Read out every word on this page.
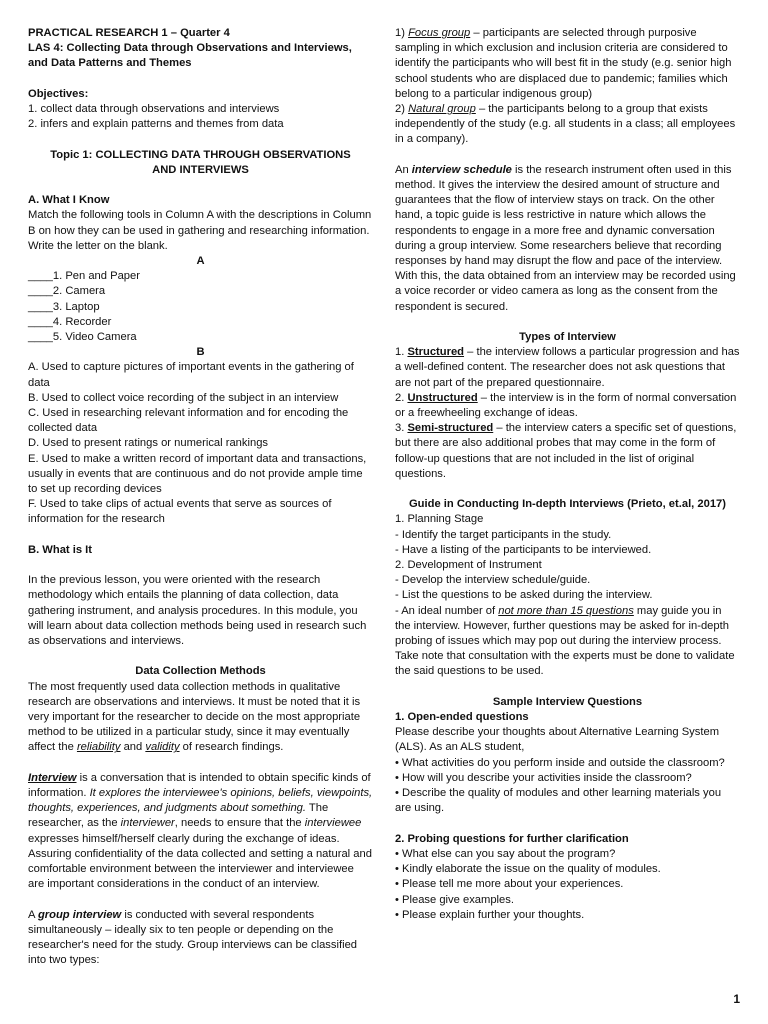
PRACTICAL RESEARCH 1 – Quarter 4

LAS 4: Collecting Data through Observations and Interviews, and Data Patterns and Themes

Objectives:

1. collect data through observations and interviews

2. infers and explain patterns and themes from data

Topic 1: COLLECTING DATA THROUGH OBSERVATIONS AND INTERVIEWS

A. What I Know

Match the following tools in Column A with the descriptions in Column B on how they can be used in gathering and researching information. Write the letter on the blank.

A

____1. Pen and Paper

____2. Camera

____3. Laptop

____4. Recorder

____5. Video Camera

B

A. Used to capture pictures of important events in the gathering of data

B. Used to collect voice recording of the subject in an interview

C. Used in researching relevant information and for encoding the collected data

D. Used to present ratings or numerical rankings

E. Used to make a written record of important data and transactions, usually in events that are continuous and do not provide ample time to set up recording devices

F. Used to take clips of actual events that serve as sources of information for the research

B. What is It

In the previous lesson, you were oriented with the research methodology which entails the planning of data collection, data gathering instrument, and analysis procedures. In this module, you will learn about data collection methods being used in research such as observations and interviews.

Data Collection Methods

The most frequently used data collection methods in qualitative research are observations and interviews. It must be noted that it is very important for the researcher to decide on the most appropriate method to be utilized in a particular study, since it may eventually affect the reliability and validity of research findings.

Interview is a conversation that is intended to obtain specific kinds of information. It explores the interviewee's opinions, beliefs, viewpoints, thoughts, experiences, and judgments about something. The researcher, as the interviewer, needs to ensure that the interviewee expresses himself/herself clearly during the exchange of ideas. Assuring confidentiality of the data collected and setting a natural and comfortable environment between the interviewer and interviewee are important considerations in the conduct of an interview.

A group interview is conducted with several respondents simultaneously – ideally six to ten people or depending on the researcher's need for the study. Group interviews can be classified into two types:

1) Focus group – participants are selected through purposive sampling in which exclusion and inclusion criteria are considered to identify the participants who will best fit in the study (e.g. senior high school students who are displaced due to pandemic; families which belong to a particular indigenous group)

2) Natural group – the participants belong to a group that exists independently of the study (e.g. all students in a class; all employees in a company).

An interview schedule is the research instrument often used in this method. It gives the interview the desired amount of structure and guarantees that the flow of interview stays on track. On the other hand, a topic guide is less restrictive in nature which allows the respondents to engage in a more free and dynamic conversation during a group interview. Some researchers believe that recording responses by hand may disrupt the flow and pace of the interview. With this, the data obtained from an interview may be recorded using a voice recorder or video camera as long as the consent from the respondent is secured.

Types of Interview

1. Structured – the interview follows a particular progression and has a well-defined content. The researcher does not ask questions that are not part of the prepared questionnaire.

2. Unstructured – the interview is in the form of normal conversation or a freewheeling exchange of ideas.

3. Semi-structured – the interview caters a specific set of questions, but there are also additional probes that may come in the form of follow-up questions that are not included in the list of original questions.

Guide in Conducting In-depth Interviews (Prieto, et.al, 2017)

1. Planning Stage

- Identify the target participants in the study.

- Have a listing of the participants to be interviewed.

2. Development of Instrument

- Develop the interview schedule/guide.

- List the questions to be asked during the interview.

- An ideal number of not more than 15 questions may guide you in the interview. However, further questions may be asked for in-depth probing of issues which may pop out during the interview process. Take note that consultation with the experts must be done to validate the said questions to be used.

Sample Interview Questions

1. Open-ended questions

Please describe your thoughts about Alternative Learning System (ALS). As an ALS student,

• What activities do you perform inside and outside the classroom?

• How will you describe your activities inside the classroom?

• Describe the quality of modules and other learning materials you are using.

2. Probing questions for further clarification

• What else can you say about the program?

• Kindly elaborate the issue on the quality of modules.

• Please tell me more about your experiences.

• Please give examples.

• Please explain further your thoughts.

1
